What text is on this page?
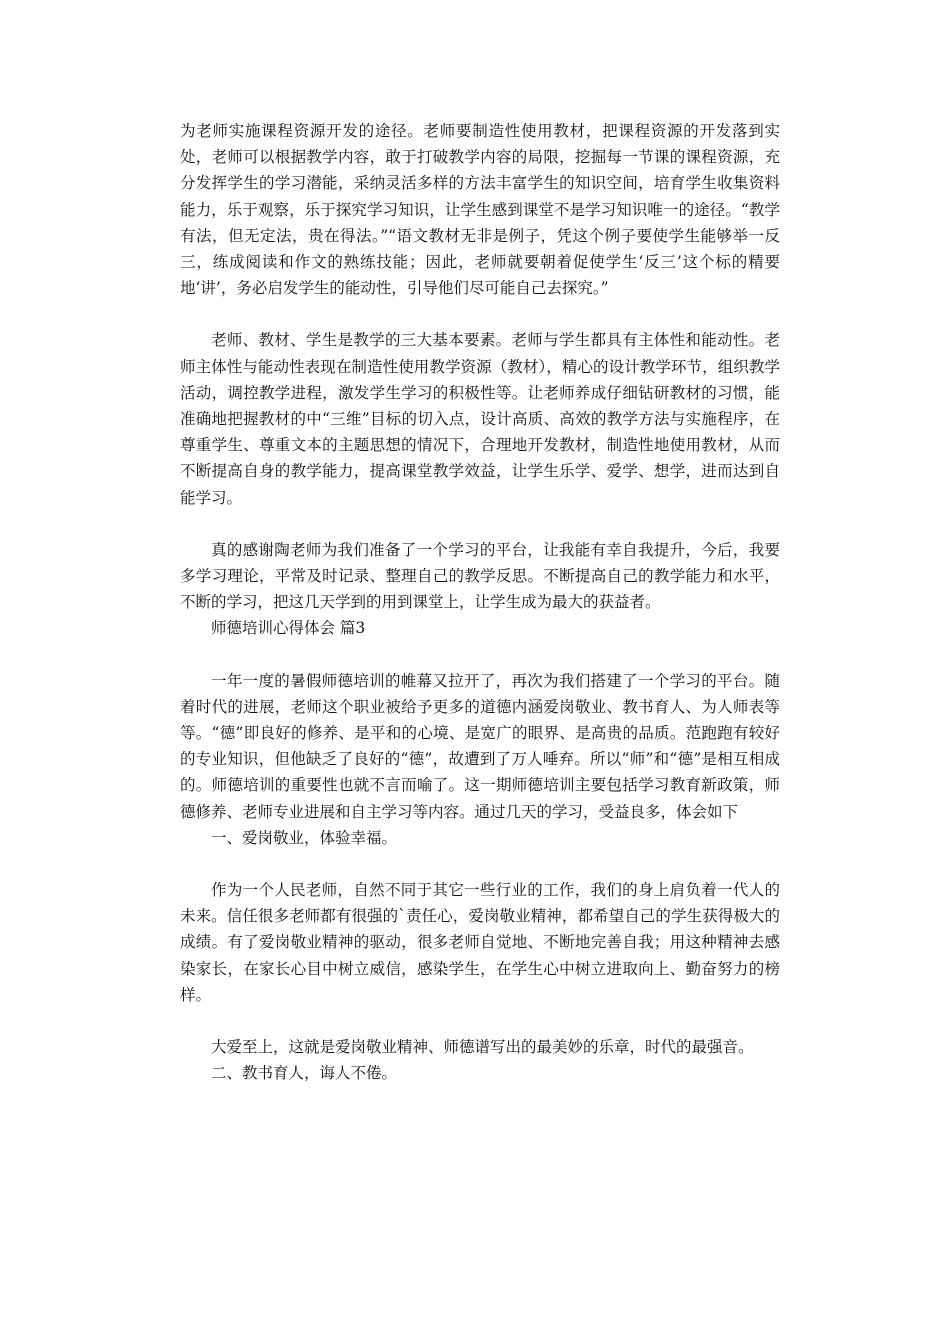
为老师实施课程资源开发的途径。老师要制造性使用教材，把课程资源的开发落到实处，老师可以根据教学内容，敢于打破教学内容的局限，挖掘每一节课的课程资源，充分发挥学生的学习潜能，采纳灵活多样的方法丰富学生的知识空间，培育学生收集资料能力，乐于观察，乐于探究学习知识，让学生感到课堂不是学习知识唯一的途径。“教学有法，但无定法，贵在得法。”“语文教材无非是例子，凭这个例子要使学生能够举一反三，练成阅读和作文的熟练技能；因此，老师就要朝着促使学生‘反三’这个标的精要地‘讲’，务必启发学生的能动性，引导他们尽可能自己去探究。”

老师、教材、学生是教学的三大基本要素。老师与学生都具有主体性和能动性。老师主体性与能动性表现在制造性使用教学资源（教材），精心的设计教学环节，组织教学活动，调控教学进程，激发学生学习的积极性等。让老师养成仔细钻研教材的习惯，能准确地把握教材的中“三维”目标的切入点，设计高质、高效的教学方法与实施程序，在尊重学生、尊重文本的主题思想的情况下，合理地开发教材，制造性地使用教材，从而不断提高自身的教学能力，提高课堂教学效益，让学生乐学、爱学、想学，进而达到自能学习。

真的感谢陶老师为我们准备了一个学习的平台，让我能有幸自我提升，今后，我要多学习理论，平常及时记录、整理自己的教学反思。不断提高自己的教学能力和水平，不断的学习，把这几天学到的用到课堂上，让学生成为最大的获益者。

师德培训心得体会 篇3

一年一度的暑假师德培训的帷幕又拉开了，再次为我们搭建了一个学习的平台。随着时代的进展，老师这个职业被给予更多的道德内涵爱岗敬业、教书育人、为人师表等等。“德”即良好的修养、是平和的心境、是宽广的眼界、是高贵的品质。范跑跑有较好的专业知识，但他缺乏了良好的“德”，故遭到了万人唾弃。所以“师”和“德”是相互相成的。师德培训的重要性也就不言而喻了。这一期师德培训主要包括学习教育新政策，师德修养、老师专业进展和自主学习等内容。通过几天的学习，受益良多，体会如下

一、爱岗敬业，体验幸福。

作为一个人民老师，自然不同于其它一些行业的工作，我们的身上肩负着一代人的未来。信任很多老师都有很强的`责任心，爱岗敬业精神，都希望自己的学生获得极大的成绩。有了爱岗敬业精神的驱动，很多老师自觉地、不断地完善自我；用这种精神去感染家长，在家长心目中树立威信，感染学生，在学生心中树立进取向上、勤奋努力的榜样。

大爱至上，这就是爱岗敬业精神、师德谱写出的最美妙的乐章，时代的最强音。

二、教书育人，诲人不倦。
